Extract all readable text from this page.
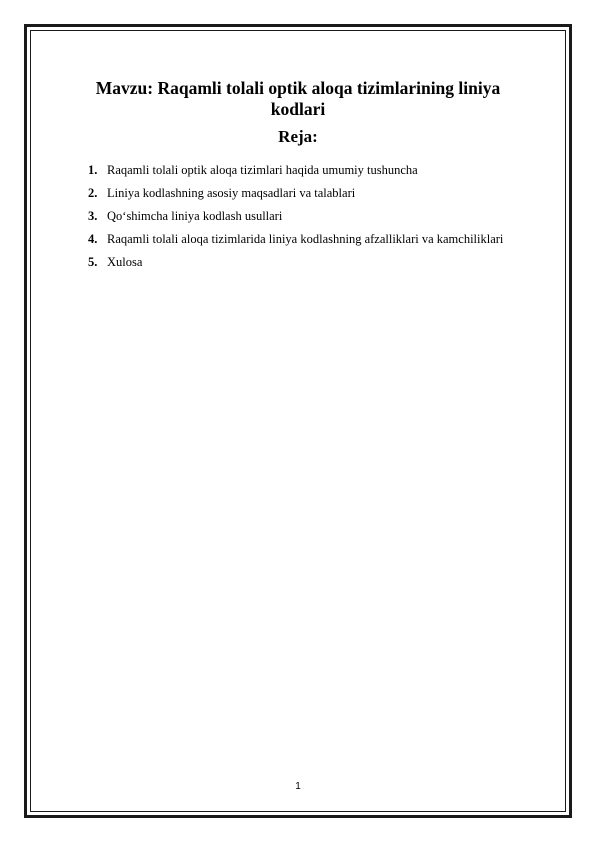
Mavzu: Raqamli tolali optik aloqa tizimlarining liniya
kodlari
Reja:
1. Raqamli tolali optik aloqa tizimlari haqida umumiy tushuncha
2. Liniya kodlashning asosiy maqsadlari va talablari
3. Qo‘shimcha liniya kodlash usullari
4. Raqamli tolali aloqa tizimlarida liniya kodlashning afzalliklari va kamchiliklari
5. Xulosa
1
